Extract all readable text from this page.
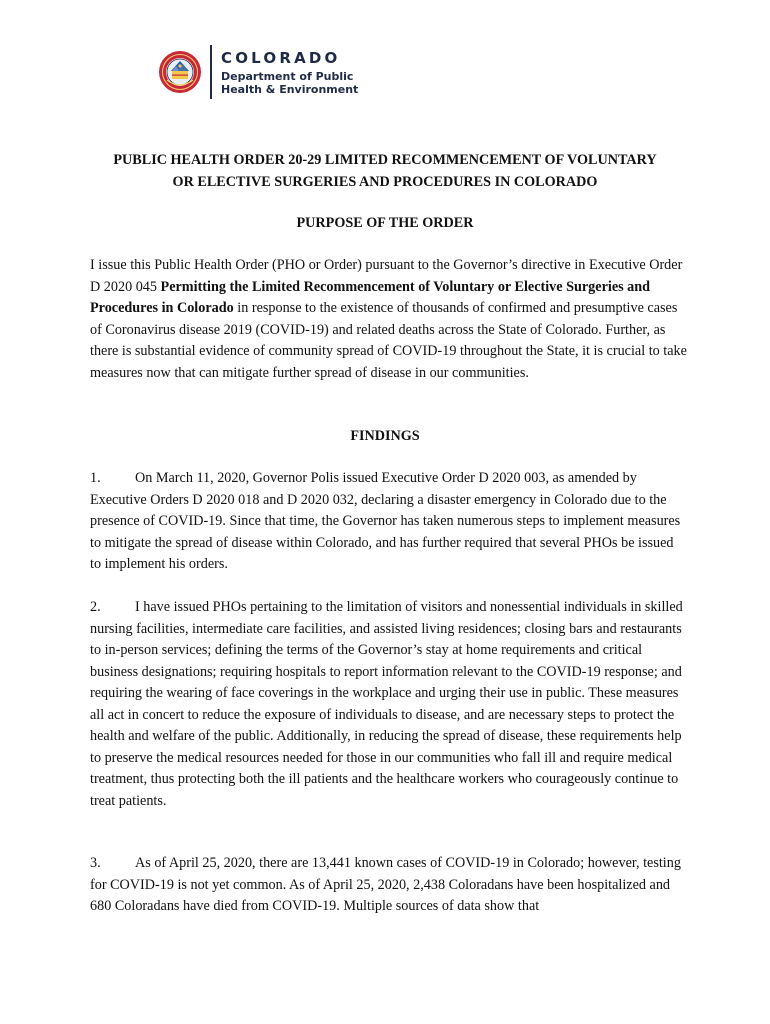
COLORADO
Department of Public
Health & Environment
PUBLIC HEALTH ORDER 20-29 LIMITED RECOMMENCEMENT OF VOLUNTARY
OR ELECTIVE SURGERIES AND PROCEDURES IN COLORADO
PURPOSE OF THE ORDER

I issue this Public Health Order (PHO or Order) pursuant to the Governor’s directive in Executive Order D 2020 045 Permitting the Limited Recommencement of Voluntary or Elective Surgeries and Procedures in Colorado in response to the existence of thousands of confirmed and presumptive cases of Coronavirus disease 2019 (COVID-19) and related deaths across the State of Colorado. Further, as there is substantial evidence of community spread of COVID-19 throughout the State, it is crucial to take measures now that can mitigate further spread of disease in our communities.

FINDINGS

1. On March 11, 2020, Governor Polis issued Executive Order D 2020 003, as amended by Executive Orders D 2020 018 and D 2020 032, declaring a disaster emergency in Colorado due to the presence of COVID-19. Since that time, the Governor has taken numerous steps to implement measures to mitigate the spread of disease within Colorado, and has further required that several PHOs be issued to implement his orders.

2. I have issued PHOs pertaining to the limitation of visitors and nonessential individuals in skilled nursing facilities, intermediate care facilities, and assisted living residences; closing bars and restaurants to in-person services; defining the terms of the Governor’s stay at home requirements and critical business designations; requiring hospitals to report information relevant to the COVID-19 response; and requiring the wearing of face coverings in the workplace and urging their use in public. These measures all act in concert to reduce the exposure of individuals to disease, and are necessary steps to protect the health and welfare of the public. Additionally, in reducing the spread of disease, these requirements help to preserve the medical resources needed for those in our communities who fall ill and require medical treatment, thus protecting both the ill patients and the healthcare workers who courageously continue to treat patients.

3. As of April 25, 2020, there are 13,441 known cases of COVID-19 in Colorado; however, testing for COVID-19 is not yet common. As of April 25, 2020, 2,438 Coloradans have been hospitalized and 680 Coloradans have died from COVID-19. Multiple sources of data show that
